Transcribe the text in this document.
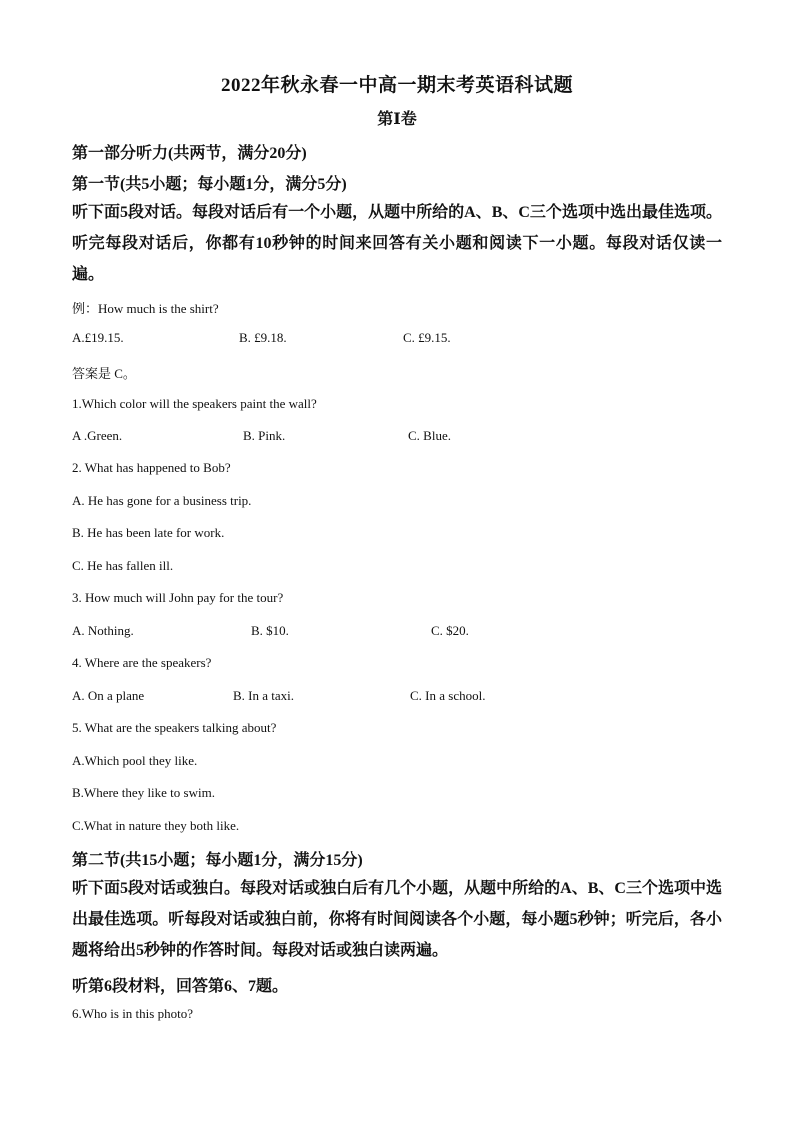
2022年秋永春一中高一期末考英语科试题
第Ⅰ卷
第一部分听力(共两节，满分20分)
第一节(共5小题；每小题1分，满分5分)
听下面5段对话。每段对话后有一个小题，从题中所给的A、B、C三个选项中选出最佳选项。听完每段对话后，你都有10秒钟的时间来回答有关小题和阅读下一小题。每段对话仅读一遍。
例：How much is the shirt?
A.£19.15.	B. £9.18.	C. £9.15.
答案是 C。
1.Which color will the speakers paint the wall?
A .Green.	B. Pink.	C. Blue.
2. What has happened to Bob?
A. He has gone for a business trip.
B. He has been late for work.
C. He has fallen ill.
3. How much will John pay for the tour?
A. Nothing.	B. $10.	C. $20.
4. Where are the speakers?
A. On a plane	B. In a taxi.	C. In a school.
5. What are the speakers talking about?
A.Which pool they like.
B.Where they like to swim.
C.What in nature they both like.
第二节(共15小题；每小题1分，满分15分)
听下面5段对话或独白。每段对话或独白后有几个小题，从题中所给的A、B、C三个选项中选出最佳选项。听每段对话或独白前，你将有时间阅读各个小题，每小题5秒钟；听完后，各小题将给出5秒钟的作答时间。每段对话或独白读两遍。
听第6段材料，回答第6、7题。
6.Who is in this photo?
